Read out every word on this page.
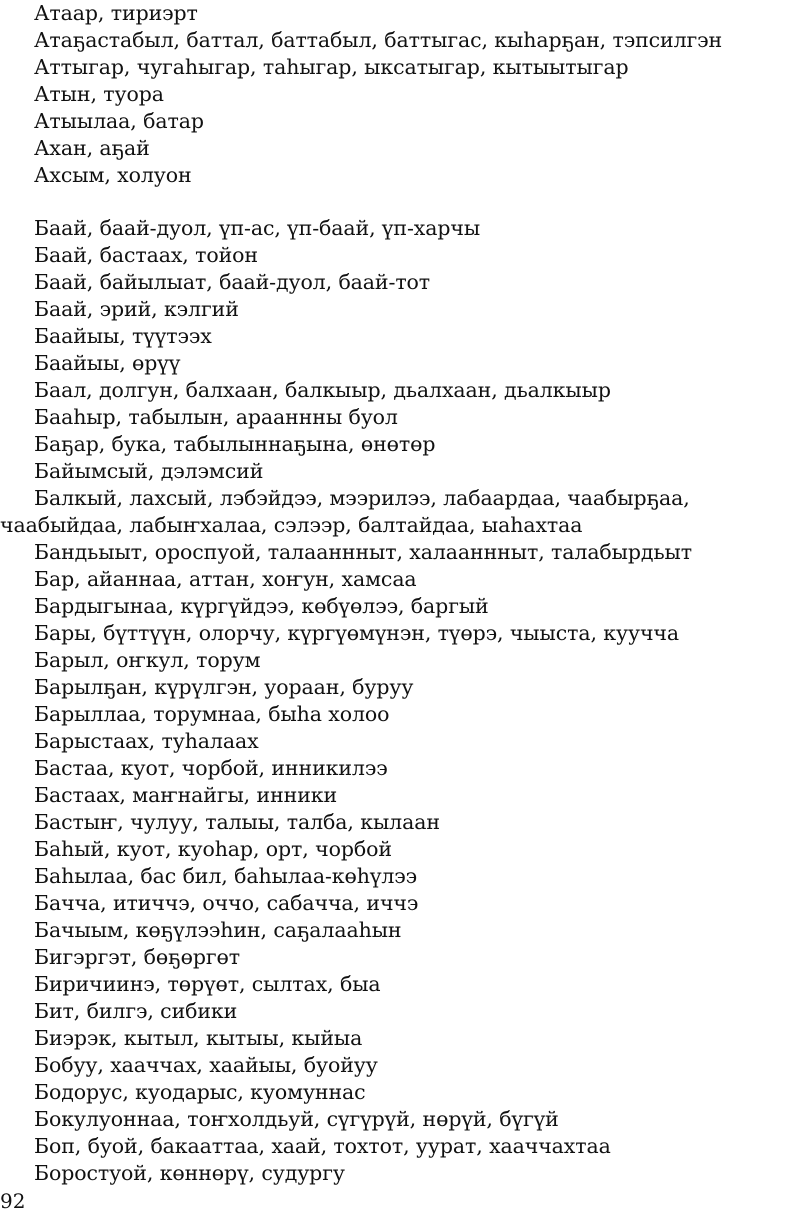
Атаар, тириэрт
Атаҕастабыл, баттал, баттабыл, баттыгас, кыһарҕан, тэпсилгэн
Аттыгар, чугаһыгар, таһыгар, ыксатыгар, кытыытыгар
Атын, туора
Атыылаа, батар
Ахан, аҕай
Ахсым, холуон
Баай, баай-дуол, үп-ас, үп-баай, үп-харчы
Баай, бастаах, тойон
Баай, байылыат, баай-дуол, баай-тот
Баай, эрий, кэлгий
Баайыы, түүтээх
Баайыы, өрүү
Баал, долгун, балхаан, балкыыр, дьалхаан, дьалкыыр
Бааһыр, табылын, арааннны буол
Баҕар, бука, табылыннаҕына, өнөтөр
Байымсый, дэлэмсий
Балкый, лахсый, лэбэйдээ, мээрилээ, лабаардаа, чаабырҕаа,
чаабыйдаа, лабыҥхалаа, сэлээр, балтайдаа, ыаһахтаа
Бандьыыт, ороспуой, талааннныт, халааннныт, талабырдьыт
Бар, айаннаа, аттан, хоҥун, хамсаа
Бардыгынаа, күргүйдээ, көбүөлээ, баргый
Бары, бүттүүн, олорчу, күргүөмүнэн, түөрэ, чыыста, куучча
Барыл, оҥкул, торум
Барылҕан, күрүлгэн, уораан, буруу
Барыллаа, торумнаа, быһа холоо
Барыстаах, туһалаах
Бастаа, куот, чорбой, инникилээ
Бастаах, маҥнайгы, инники
Бастыҥ, чулуу, талыы, талба, кылаан
Баһый, куот, куоһар, орт, чорбой
Баһылаа, бас бил, баһылаа-көһүлээ
Бачча, итиччэ, оччо, сабачча, иччэ
Бачыым, көҕүлээһин, саҕалааһын
Бигэргэт, бөҕөргөт
Биричиинэ, төрүөт, сылтах, быа
Бит, билгэ, сибики
Биэрэк, кытыл, кытыы, кыйыа
Бобуу, хааччах, хаайыы, буойуу
Бодорус, куодарыс, куомуннас
Бокулуоннаа, тоҥхолдьуй, сүгүрүй, нөрүй, бүгүй
Боп, буой, бакааттаа, хаай, тохтот, уурат, хааччахтаа
Боростуой, көннөрү, судургу
92
